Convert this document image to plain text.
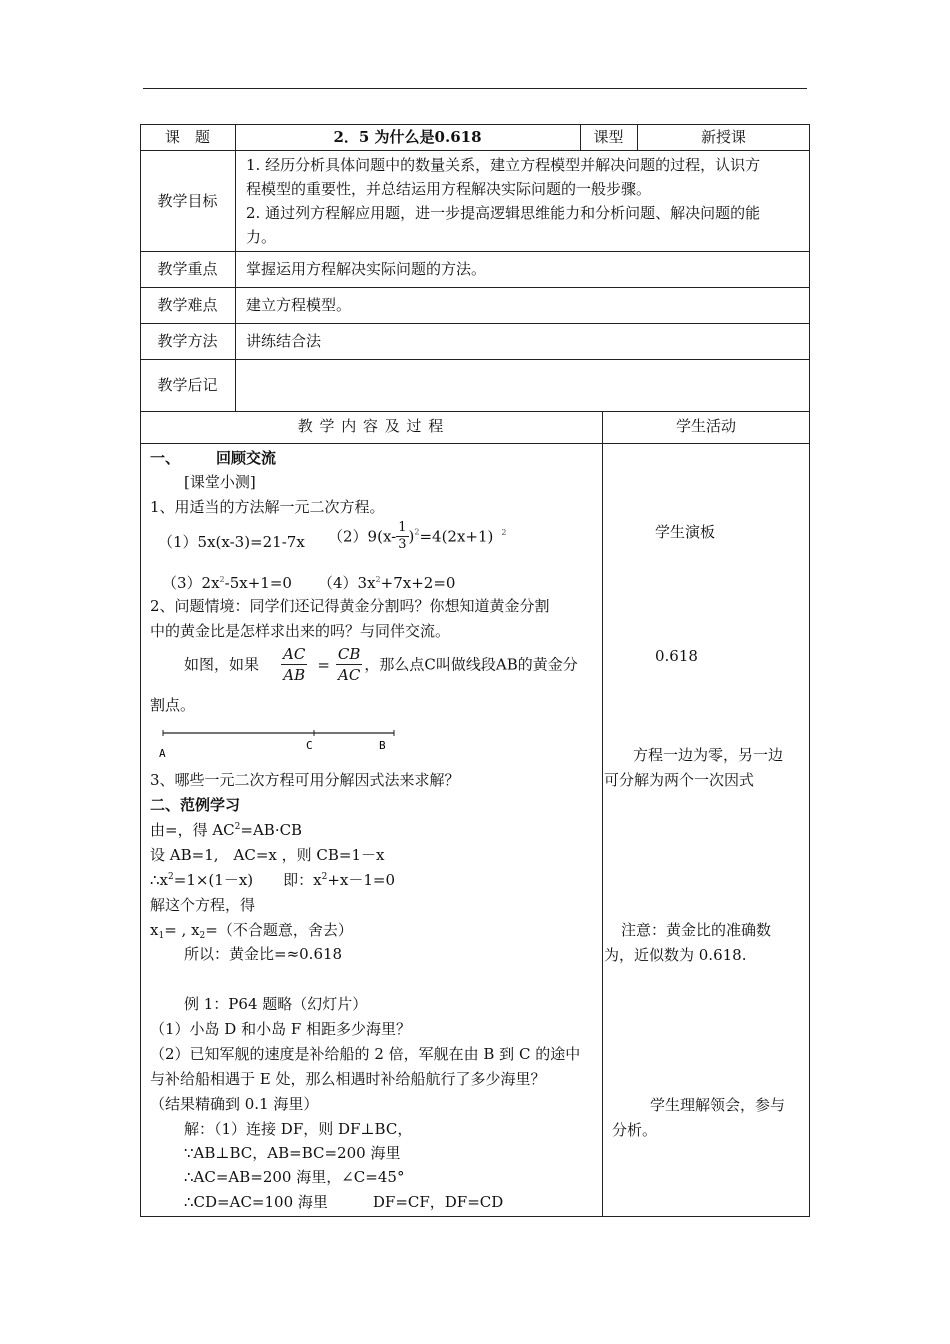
课　题	2．5 为什么是0.618	课型	新授课
教学目标
1. 经历分析具体问题中的数量关系，建立方程模型并解决问题的过程，认识方
程模型的重要性，并总结运用方程解决实际问题的一般步骤。
2. 通过列方程解应用题，进一步提高逻辑思维能力和分析问题、解决问题的能
力。
教学重点	掌握运用方程解决实际问题的方法。
教学难点	建立方程模型。
教学方法	讲练结合法
教学后记
教 学 内 容 及 过 程	学生活动
一、 回顾交流
[课堂小测]
1、用适当的方法解一元二次方程。
（1）5x(x-3)=21-7x $(2)9(x- \frac{1}{3} )^2=4(2x+1)$ $^2$
$(3)2x^2-5x+1=0$ $(4)3x^2+7x+2=0$
2、问题情境：同学们还记得黄金分割吗？你想知道黄金分割
中的黄金比是怎样求出来的吗？与同伴交流。
如图，如果 $\frac{AC}{AB} = \frac{CB}{AC}$ ，那么点C叫做线段AB的黄金分
割点。
A
C	B
3、哪些一元二次方程可用分解因式法来求解？
二、范例学习
由=，得 $AC^2=AB\cdot CB$
设 AB=1,　AC=x ，则 CB=1－x
$\therefore x^2=1\times(1-x)$　　即：$x^2+x-1=0$
解这个方程，得
$x_1=$ , $x_2=$（不合题意，舍去）
所以：黄金比=≈0.618
例 1：P64 题略（幻灯片）
（1）小岛 D 和小岛 F 相距多少海里？
（2）已知军舰的速度是补给船的 2 倍，军舰在由 B 到 C 的途中
与补给船相遇于 E 处，那么相遇时补给船航行了多少海里？
（结果精确到 0.1 海里）
解：（1）连接 DF，则 DF⊥BC，
∵AB⊥BC，AB=BC=200 海里
∴AC=AB=200 海里，∠C=45°
∴CD=AC=100 海里　　　DF=CF，DF=CD
学生演板
0.618
方程一边为零，另一边
可分解为两个一次因式
注意：黄金比的准确数
为，近似数为 0.618.
学生理解领会，参与
分析。
